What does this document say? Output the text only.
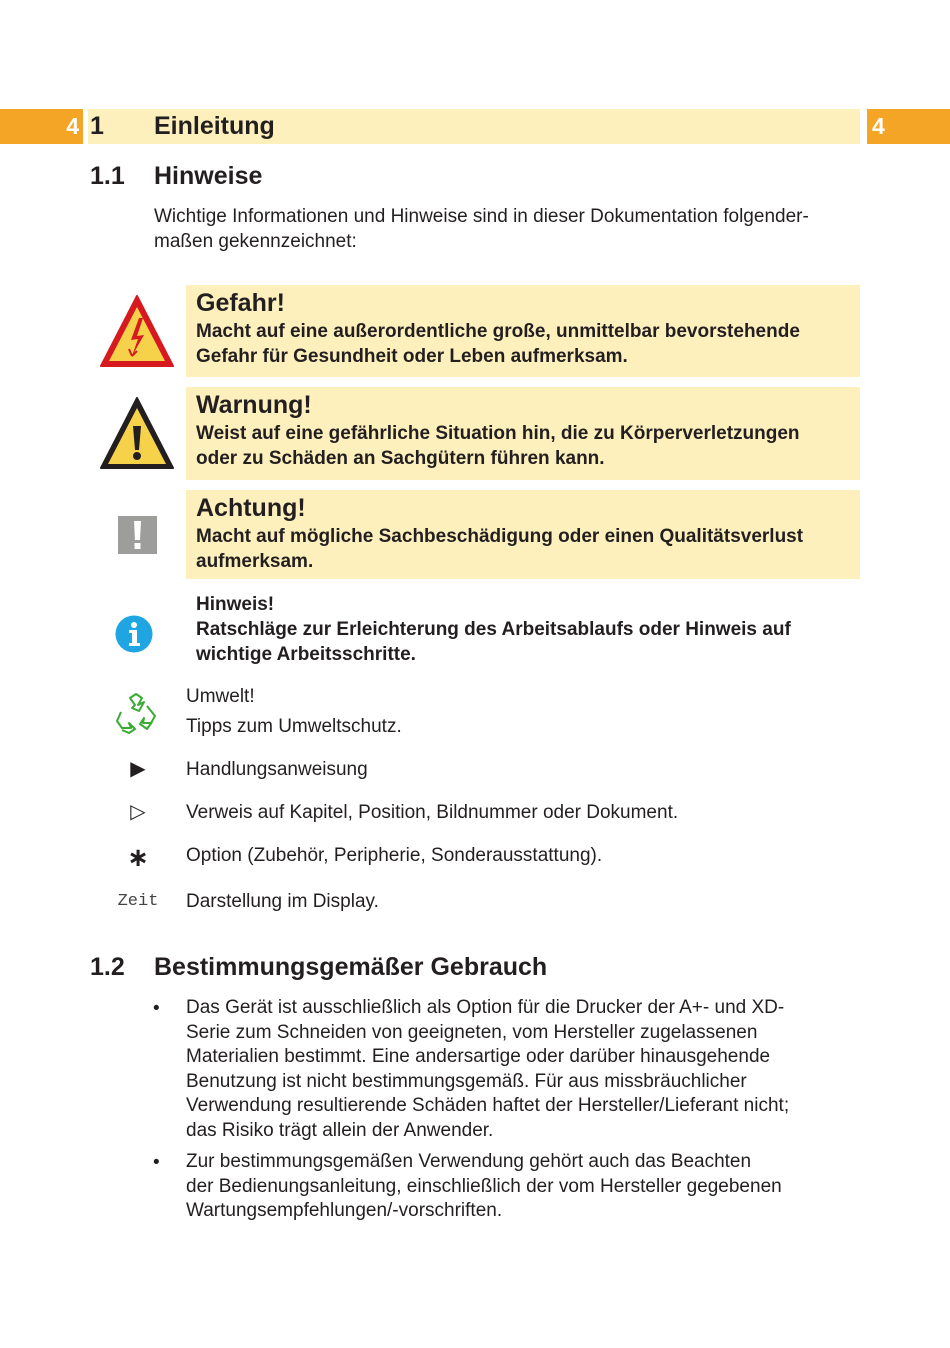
4 1 Einleitung	4
1.1 Hinweise
Wichtige Informationen und Hinweise sind in dieser Dokumentation folgender-
maßen gekennzeichnet:
Gefahr!
Macht auf eine außerordentliche große, unmittelbar bevorstehende
Gefahr für Gesundheit oder Leben aufmerksam.
Warnung!
Weist auf eine gefährliche Situation hin, die zu Körperverletzungen
oder zu Schäden an Sachgütern führen kann.
Achtung!
Macht auf mögliche Sachbeschädigung oder einen Qualitätsverlust
aufmerksam.
Hinweis!
Ratschläge zur Erleichterung des Arbeitsablaufs oder Hinweis auf
wichtige Arbeitsschritte.
Umwelt!
Tipps zum Umweltschutz.
▶	Handlungsanweisung
▷	Verweis auf Kapitel, Position, Bildnummer oder Dokument.
∗	Option (Zubehör, Peripherie, Sonderausstattung).
Zeit Darstellung im Display.
1.2 Bestimmungsgemäßer Gebrauch
• Das Gerät ist ausschließlich als Option für die Drucker der A+- und XD-
Serie zum Schneiden von geeigneten, vom Hersteller zugelassenen
Materialien bestimmt. Eine andersartige oder darüber hinausgehende
Benutzung ist nicht bestimmungsgemäß. Für aus missbräuchlicher
Verwendung resultierende Schäden haftet der Hersteller/Lieferant nicht;
das Risiko trägt allein der Anwender.
• Zur bestimmungsgemäßen Verwendung gehört auch das Beachten
der Bedienungsanleitung, einschließlich der vom Hersteller gegebenen
Wartungsempfehlungen/-vorschriften.
